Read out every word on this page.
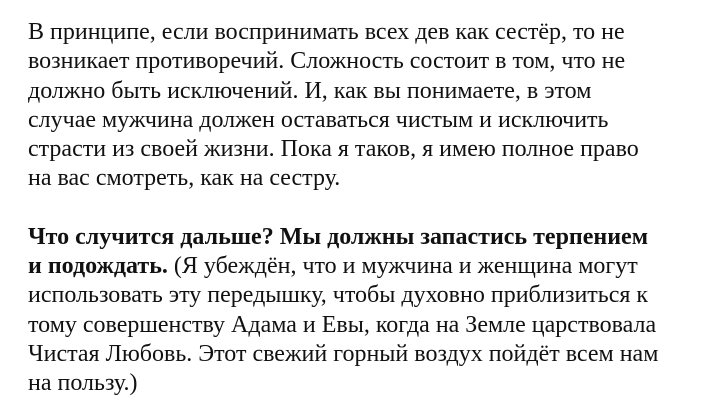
В принципе, если воспринимать всех дев как сестёр, то не
возникает противоречий. Сложность состоит в том, что не
должно быть исключений. И, как вы понимаете, в этом
случае мужчина должен оставаться чистым и исключить
страсти из своей жизни. Пока я таков, я имею полное право
на вас смотреть, как на сестру.

Что случится дальше? Мы должны запастись терпением
и подождать. (Я убеждён, что и мужчина и женщина могут
использовать эту передышку, чтобы духовно приблизиться к
тому совершенству Адама и Евы, когда на Земле царствовала
Чистая Любовь. Этот свежий горный воздух пойдёт всем нам
на пользу.)
